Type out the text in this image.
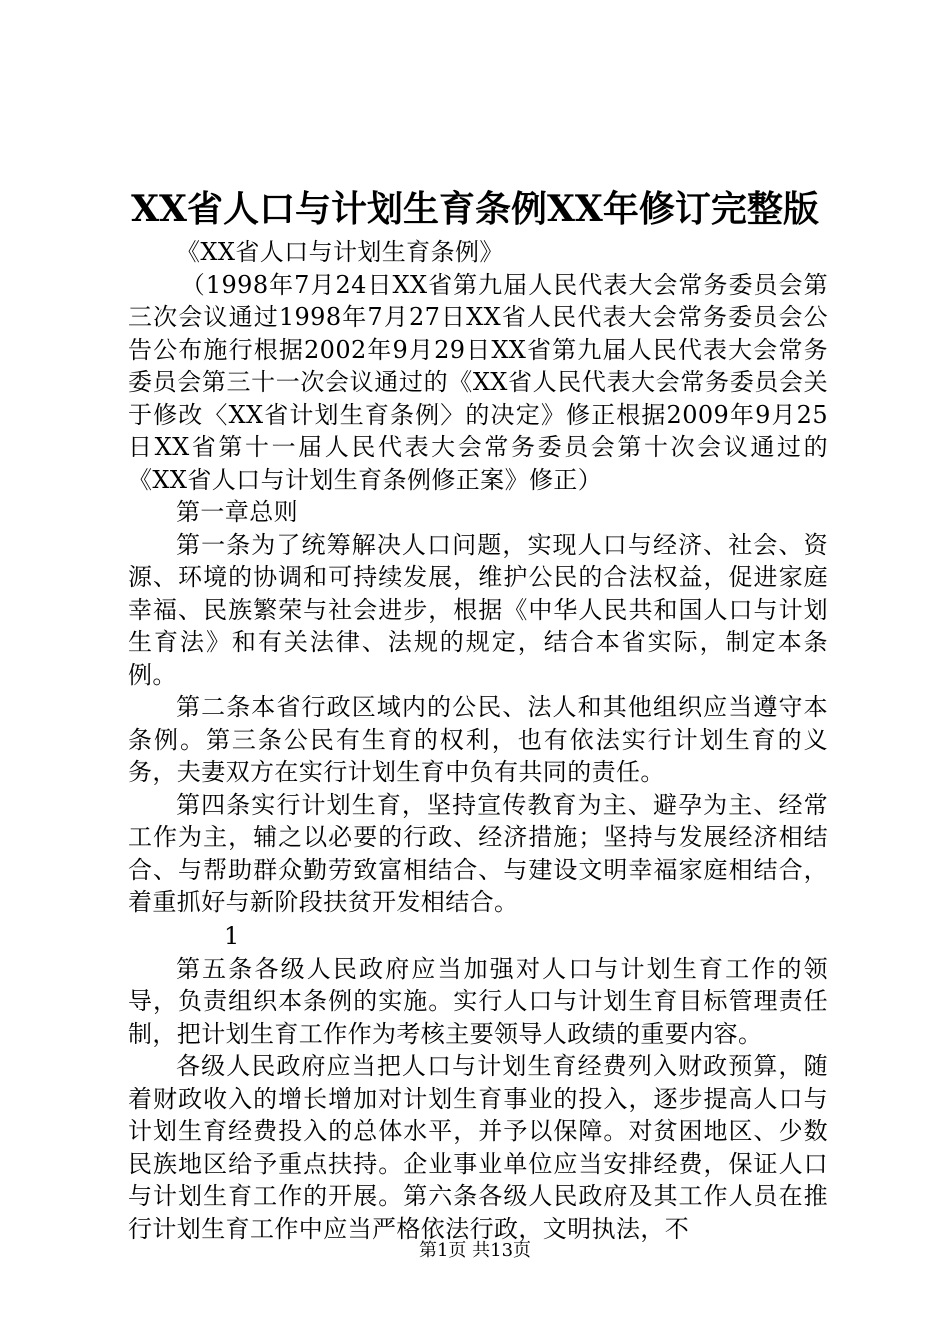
XX省人口与计划生育条例XX年修订完整版

《XX省人口与计划生育条例》

（1998年7月24日XX省第九届人民代表大会常务委员会第三次会议通过1998年7月27日XX省人民代表大会常务委员会公告公布施行根据2002年9月29日XX省第九届人民代表大会常务委员会第三十一次会议通过的《XX省人民代表大会常务委员会关于修改〈XX省计划生育条例〉的决定》修正根据2009年9月25日XX省第十一届人民代表大会常务委员会第十次会议通过的《XX省人口与计划生育条例修正案》修正）

第一章总则

第一条为了统筹解决人口问题，实现人口与经济、社会、资源、环境的协调和可持续发展，维护公民的合法权益，促进家庭幸福、民族繁荣与社会进步，根据《中华人民共和国人口与计划生育法》和有关法律、法规的规定，结合本省实际，制定本条例。

第二条本省行政区域内的公民、法人和其他组织应当遵守本条例。第三条公民有生育的权利，也有依法实行计划生育的义务，夫妻双方在实行计划生育中负有共同的责任。

第四条实行计划生育，坚持宣传教育为主、避孕为主、经常工作为主，辅之以必要的行政、经济措施；坚持与发展经济相结合、与帮助群众勤劳致富相结合、与建设文明幸福家庭相结合，着重抓好与新阶段扶贫开发相结合。

1

第五条各级人民政府应当加强对人口与计划生育工作的领导，负责组织本条例的实施。实行人口与计划生育目标管理责任制，把计划生育工作作为考核主要领导人政绩的重要内容。

各级人民政府应当把人口与计划生育经费列入财政预算，随着财政收入的增长增加对计划生育事业的投入，逐步提高人口与计划生育经费投入的总体水平，并予以保障。对贫困地区、少数民族地区给予重点扶持。企业事业单位应当安排经费，保证人口与计划生育工作的开展。第六条各级人民政府及其工作人员在推行计划生育工作中应当严格依法行政，文明执法，不

第1页 共13页
